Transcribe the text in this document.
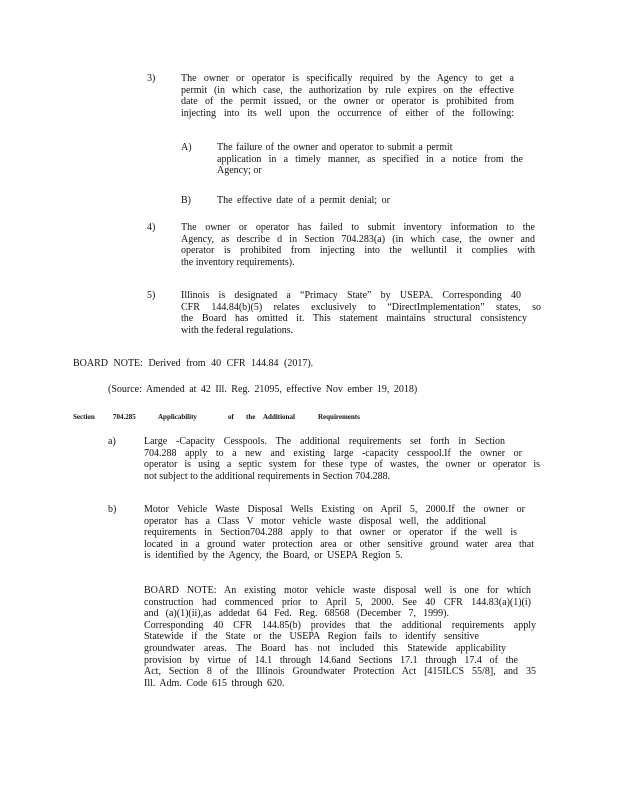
3)	The owner or operator is specifically required by the Agency to get a
permit (in which case, the authorization by rule expires on the effective
date of the permit issued, or the owner or operator is prohibited from
injecting into its well upon the occurrence of either of the following:
A)	The failure of the owner and operator to submit a permit
application in a timely manner, as specified in a notice from the
Agency; or
B)	The effective date of a permit denial; or
4)	The owner or operator has failed to submit inventory information to the
Agency, as describe d in Section 704.283(a) (in which case, the owner and
operator is prohibited from injecting into the welluntil it complies with
the inventory requirements).
5)	Illinois is designated a “Primacy State” by USEPA. Corresponding 40
CFR 144.84(b)(5) relates exclusively to “DirectImplementation” states, so
the Board has omitted it. This statement maintains structural consistency
with the federal regulations.
BOARD NOTE: Derived from 40 CFR 144.84 (2017).
(Source: Amended at 42 Ill. Reg. 21095, effective Nov ember 19, 2018)
Section	704.285	Applicability	of the Additional	Requirements
a)	Large -Capacity Cesspools. The additional requirements set forth in Section
704.288 apply to a new and existing large -capacity cesspool.If the owner or
operator is using a septic system for these type of wastes, the owner or operator is
not subject to the additional requirements in Section 704.288.
b)	Motor Vehicle Waste Disposal Wells Existing on April 5, 2000.If the owner or
operator has a Class V motor vehicle waste disposal well, the additional
requirements in Section704.288 apply to that owner or operator if the well is
located in a ground water protection area or other sensitive ground water area that
is identified by the Agency, the Board, or USEPA Region 5.
BOARD NOTE: An existing motor vehicle waste disposal well is one for which
construction had commenced prior to April 5, 2000. See 40 CFR 144.83(a)(1)(i)
and (a)(1)(ii),as addedat 64 Fed. Reg. 68568 (December 7, 1999).
Corresponding 40 CFR 144.85(b) provides that the additional requirements apply
Statewide if the State or the USEPA Region fails to identify sensitive
groundwater areas. The Board has not included this Statewide applicability
provision by virtue of 14.1 through 14.6and Sections 17.1 through 17.4 of the
Act, Section 8 of the Illinois Groundwater Protection Act [415ILCS 55/8], and 35
Ill. Adm. Code 615 through 620.
